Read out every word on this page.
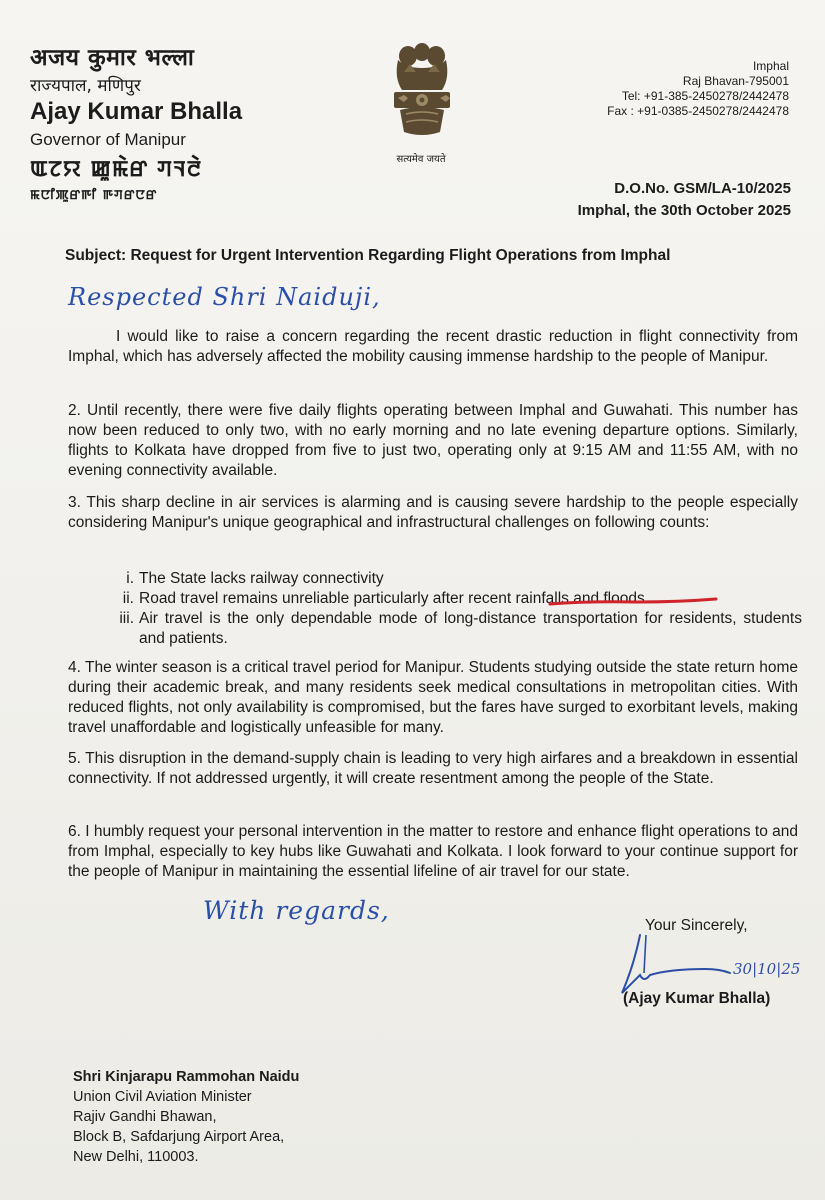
अजय कुमार भल्ला
राज्यपाल, मणिपुर
Ajay Kumar Bhalla
Governor of Manipur
ꯑꯖꯌ ꯀꯨꯃꯥꯔ ꯚꯜꯂꯥ
ꯃꯅꯤꯄꯨꯔꯒꯤ ꯒꯚꯔꯅꯔ
सत्यमेव जयते
Imphal
Raj Bhavan-795001
Tel: +91-385-2450278/2442478
Fax : +91-0385-2450278/2442478
D.O.No. GSM/LA-10/2025
Imphal, the 30th October 2025
Subject: Request for Urgent Intervention Regarding Flight Operations from Imphal
Respected Shri Naiduji,
I would like to raise a concern regarding the recent drastic reduction in flight connectivity from Imphal, which has adversely affected the mobility causing immense hardship to the people of Manipur.
2. Until recently, there were five daily flights operating between Imphal and Guwahati. This number has now been reduced to only two, with no early morning and no late evening departure options. Similarly, flights to Kolkata have dropped from five to just two, operating only at 9:15 AM and 11:55 AM, with no evening connectivity available.
3. This sharp decline in air services is alarming and is causing severe hardship to the people especially considering Manipur's unique geographical and infrastructural challenges on following counts:
i. The State lacks railway connectivity
ii. Road travel remains unreliable particularly after recent rainfalls and floods.
iii. Air travel is the only dependable mode of long-distance transportation for residents, students and patients.
4. The winter season is a critical travel period for Manipur. Students studying outside the state return home during their academic break, and many residents seek medical consultations in metropolitan cities. With reduced flights, not only availability is compromised, but the fares have surged to exorbitant levels, making travel unaffordable and logistically unfeasible for many.
5. This disruption in the demand-supply chain is leading to very high airfares and a breakdown in essential connectivity. If not addressed urgently, it will create resentment among the people of the State.
6. I humbly request your personal intervention in the matter to restore and enhance flight operations to and from Imphal, especially to key hubs like Guwahati and Kolkata. I look forward to your continue support for the people of Manipur in maintaining the essential lifeline of air travel for our state.
With regards,
Your Sincerely,
30|10|25
(Ajay Kumar Bhalla)
Shri Kinjarapu Rammohan Naidu
Union Civil Aviation Minister
Rajiv Gandhi Bhawan,
Block B, Safdarjung Airport Area,
New Delhi, 110003.
